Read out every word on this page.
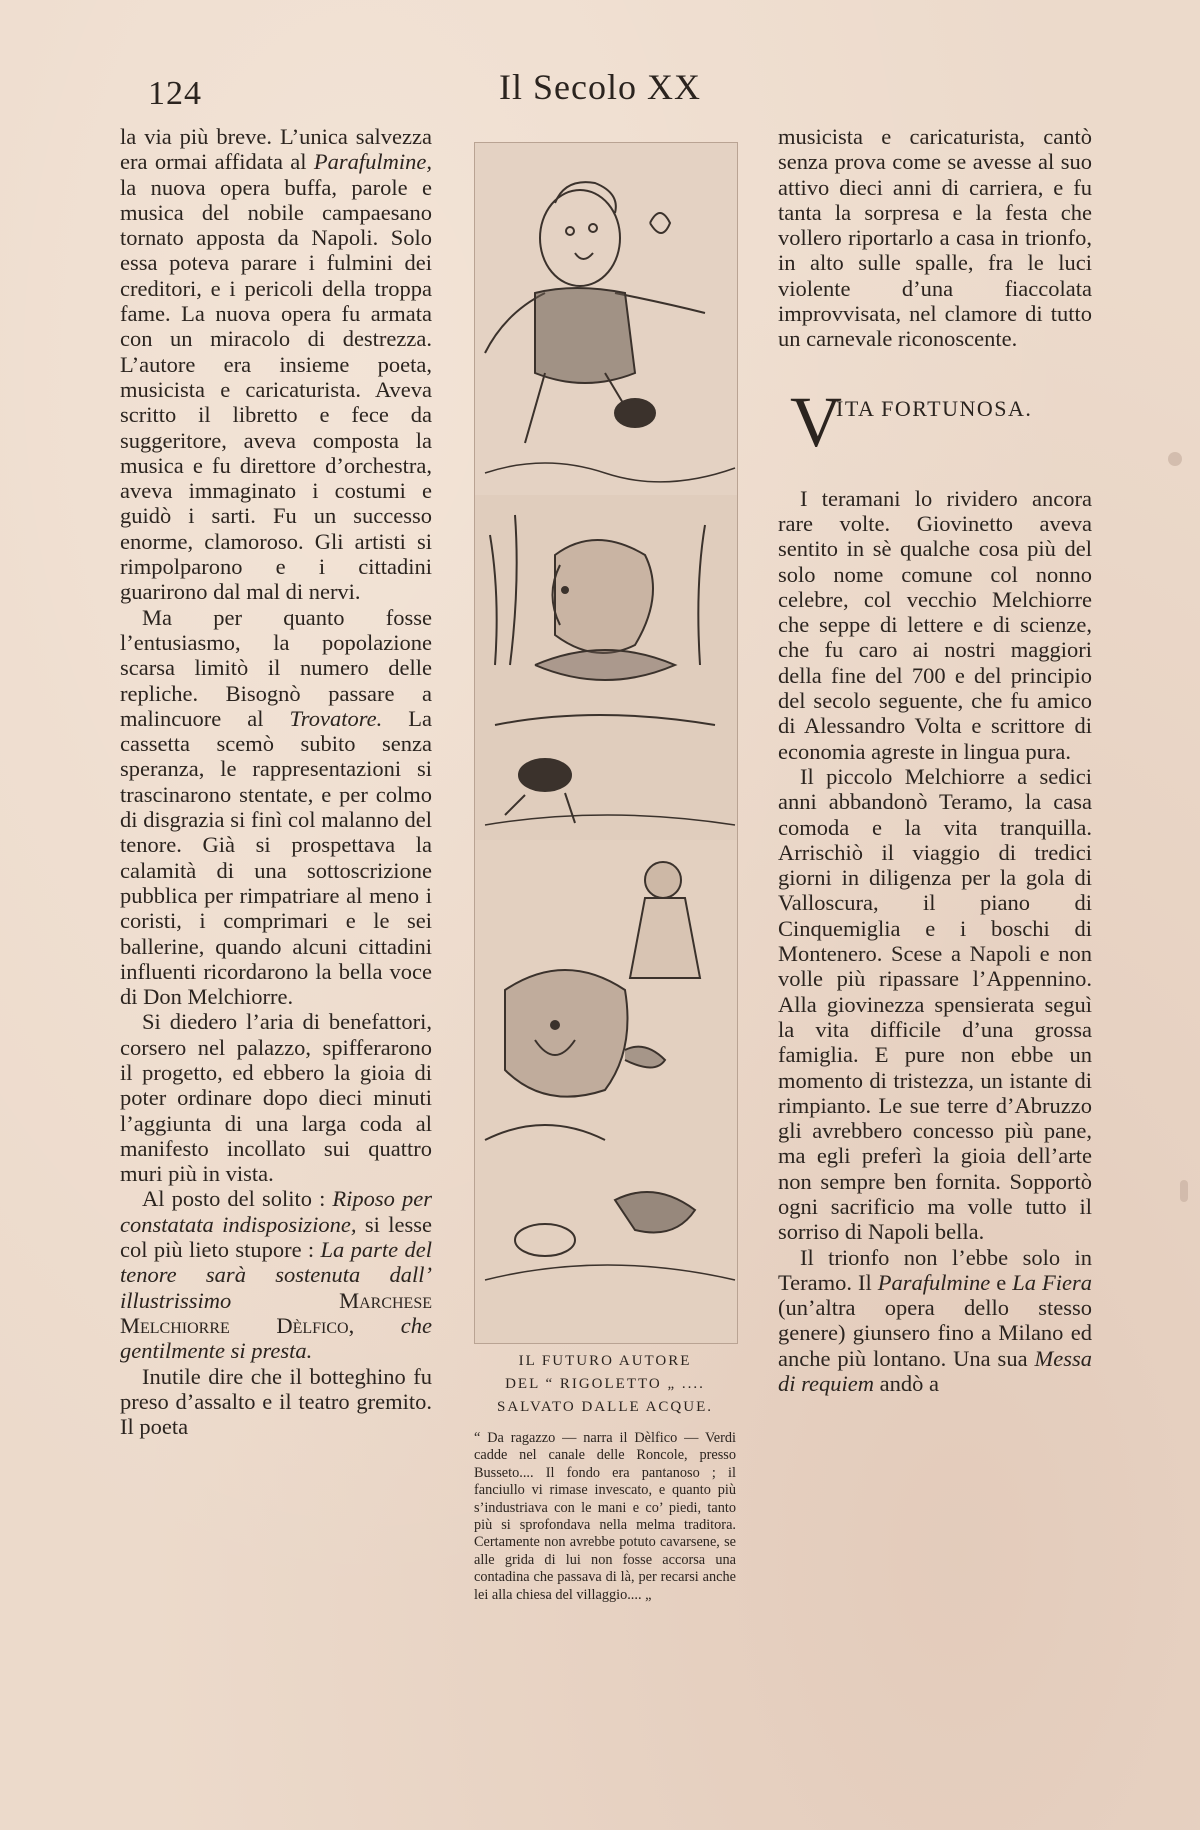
124	Il Secolo XX

la via più breve. L’unica salvezza era ormai affidata al Parafulmine, la nuova opera buffa, parole e musica del nobile campaesano tornato apposta da Napoli. Solo essa poteva parare i fulmini dei creditori, e i pericoli della troppa fame. La nuova opera fu armata con un miracolo di destrezza. L’autore era insieme poeta, musicista e caricaturista. Aveva scritto il libretto e fece da suggeritore, aveva composta la musica e fu direttore d’orchestra, aveva immaginato i costumi e guidò i sarti. Fu un successo enorme, clamoroso. Gli artisti si rimpolparono e i cittadini guarirono dal mal di nervi.

Ma per quanto fosse l’entusiasmo, la popolazione scarsa limitò il numero delle repliche. Bisognò passare a malincuore al Trovatore. La cassetta scemò subito senza speranza, le rappresentazioni si trascinarono stentate, e per colmo di disgrazia si finì col malanno del tenore. Già si prospettava la calamità di una sottoscrizione pubblica per rimpatriare al meno i coristi, i comprimari e le sei ballerine, quando alcuni cittadini influenti ricordarono la bella voce di Don Melchiorre.

Si diedero l’aria di benefattori, corsero nel palazzo, spifferarono il progetto, ed ebbero la gioia di poter ordinare dopo dieci minuti l’aggiunta di una larga coda al manifesto incollato sui quattro muri più in vista.

Al posto del solito : Riposo per constatata indisposizione, si lesse col più lieto stupore : La parte del tenore sarà sostenuta dall’ illustrissimo Marchese Melchiorre Dèlfico, che gentilmente si presta.

Inutile dire che il botteghino fu preso d’assalto e il teatro gremito. Il poeta

IL FUTURO AUTORE
DEL “ RIGOLETTO „ ....
SALVATO DALLE ACQUE.
“ Da ragazzo — narra il Dèlfico — Verdi cadde nel canale delle Roncole, presso Busseto.... Il fondo era pantanoso ; il fanciullo vi rimase invescato, e quanto più s’industriava con le mani e co’ piedi, tanto più si sprofondava nella melma traditora. Certamente non avrebbe potuto cavarsene, se alle grida di lui non fosse accorsa una contadina che passava di là, per recarsi anche lei alla chiesa del villaggio.... „

musicista e caricaturista, cantò senza prova come se avesse al suo attivo dieci anni di carriera, e fu tanta la sorpresa e la festa che vollero riportarlo a casa in trionfo, in alto sulle spalle, fra le luci violente d’una fiaccolata improvvisata, nel clamore di tutto un carnevale riconoscente.

V
ITA FORTUNOSA.

I teramani lo rividero ancora rare volte. Giovinetto aveva sentito in sè qualche cosa più del solo nome comune col nonno celebre, col vecchio Melchiorre che seppe di lettere e di scienze, che fu caro ai nostri maggiori della fine del 700 e del principio del secolo seguente, che fu amico di Alessandro Volta e scrittore di economia agreste in lingua pura.

Il piccolo Melchiorre a sedici anni abbandonò Teramo, la casa comoda e la vita tranquilla. Arrischiò il viaggio di tredici giorni in diligenza per la gola di Valloscura, il piano di Cinquemiglia e i boschi di Montenero. Scese a Napoli e non volle più ripassare l’Appennino. Alla giovinezza spensierata seguì la vita difficile d’una grossa famiglia. E pure non ebbe un momento di tristezza, un istante di rimpianto. Le sue terre d’Abruzzo gli avrebbero concesso più pane, ma egli preferì la gioia dell’arte non sempre ben fornita. Sopportò ogni sacrificio ma volle tutto il sorriso di Napoli bella.

Il trionfo non l’ebbe solo in Teramo. Il Parafulmine e La Fiera (un’altra opera dello stesso genere) giunsero fino a Milano ed anche più lontano. Una sua Messa di requiem andò a
